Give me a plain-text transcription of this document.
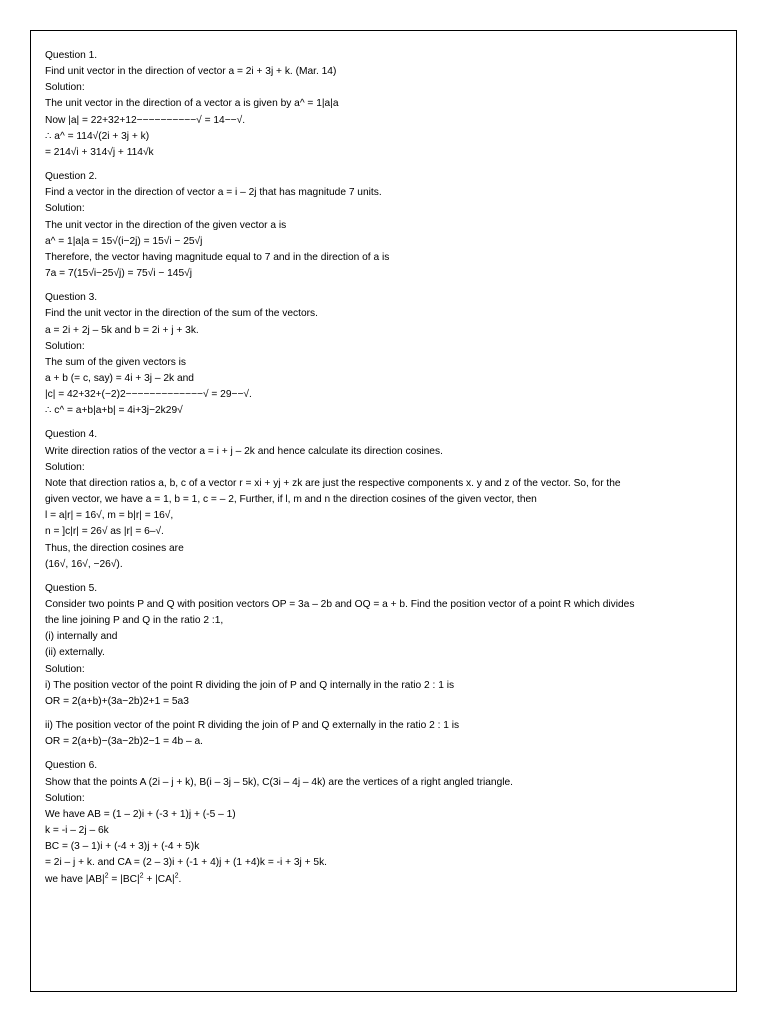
Question 1.
Find unit vector in the direction of vector a = 2i + 3j + k. (Mar. 14)
Solution:
The unit vector in the direction of a vector a is given by a^ = 1|a|a
Now |a| = 22+32+12−−−−−−−−−−√ = 14−−√.
∴ a^ = 114√(2i + 3j + k)
= 214√i + 314√j + 114√k
Question 2.
Find a vector in the direction of vector a = i – 2j that has magnitude 7 units.
Solution:
The unit vector in the direction of the given vector a is
a^ = 1|a|a = 15√(i−2j) = 15√i − 25√j
Therefore, the vector having magnitude equal to 7 and in the direction of a is
7a = 7(15√i−25√j) = 75√i − 145√j
Question 3.
Find the unit vector in the direction of the sum of the vectors.
a = 2i + 2j – 5k and b = 2i + j + 3k.
Solution:
The sum of the given vectors is
a + b (= c, say) = 4i + 3j – 2k and
|c| = 42+32+(−2)2−−−−−−−−−−−−−√ = 29−−√.
∴ c^ = a+b|a+b| = 4i+3j−2k29√
Question 4.
Write direction ratios of the vector a = i + j – 2k and hence calculate its direction cosines.
Solution:
Note that direction ratios a, b, c of a vector r = xi + yj + zk are just the respective components x. y and z of the vector. So, for the
given vector, we have a = 1, b = 1, c = – 2, Further, if l, m and n the direction cosines of the given vector, then
l = a|r| = 16√, m = b|r| = 16√,
n = ]c|r| = 26√ as |r| = 6–√.
Thus, the direction cosines are
(16√, 16√, −26√).
Question 5.
Consider two points P and Q with position vectors OP = 3a – 2b and OQ = a + b. Find the position vector of a point R which divides
the line joining P and Q in the ratio 2 :1,
(i) internally and
(ii) externally.
Solution:
i) The position vector of the point R dividing the join of P and Q internally in the ratio 2 : 1 is
OR = 2(a+b)+(3a−2b)2+1 = 5a3
ii) The position vector of the point R dividing the join of P and Q externally in the ratio 2 : 1 is
OR = 2(a+b)−(3a−2b)2−1 = 4b – a.
Question 6.
Show that the points A (2i – j + k), B(i – 3j – 5k), C(3i – 4j – 4k) are the vertices of a right angled triangle.
Solution:
We have AB = (1 – 2)i + (-3 + 1)j + (-5 – 1)
k = -i – 2j – 6k
BC = (3 – 1)i + (-4 + 3)j + (-4 + 5)k
= 2i – j + k. and CA = (2 – 3)i + (-1 + 4)j + (1 +4)k = -i + 3j + 5k.
we have $|AB|^2 = |BC|^2 + |CA|^2$.
